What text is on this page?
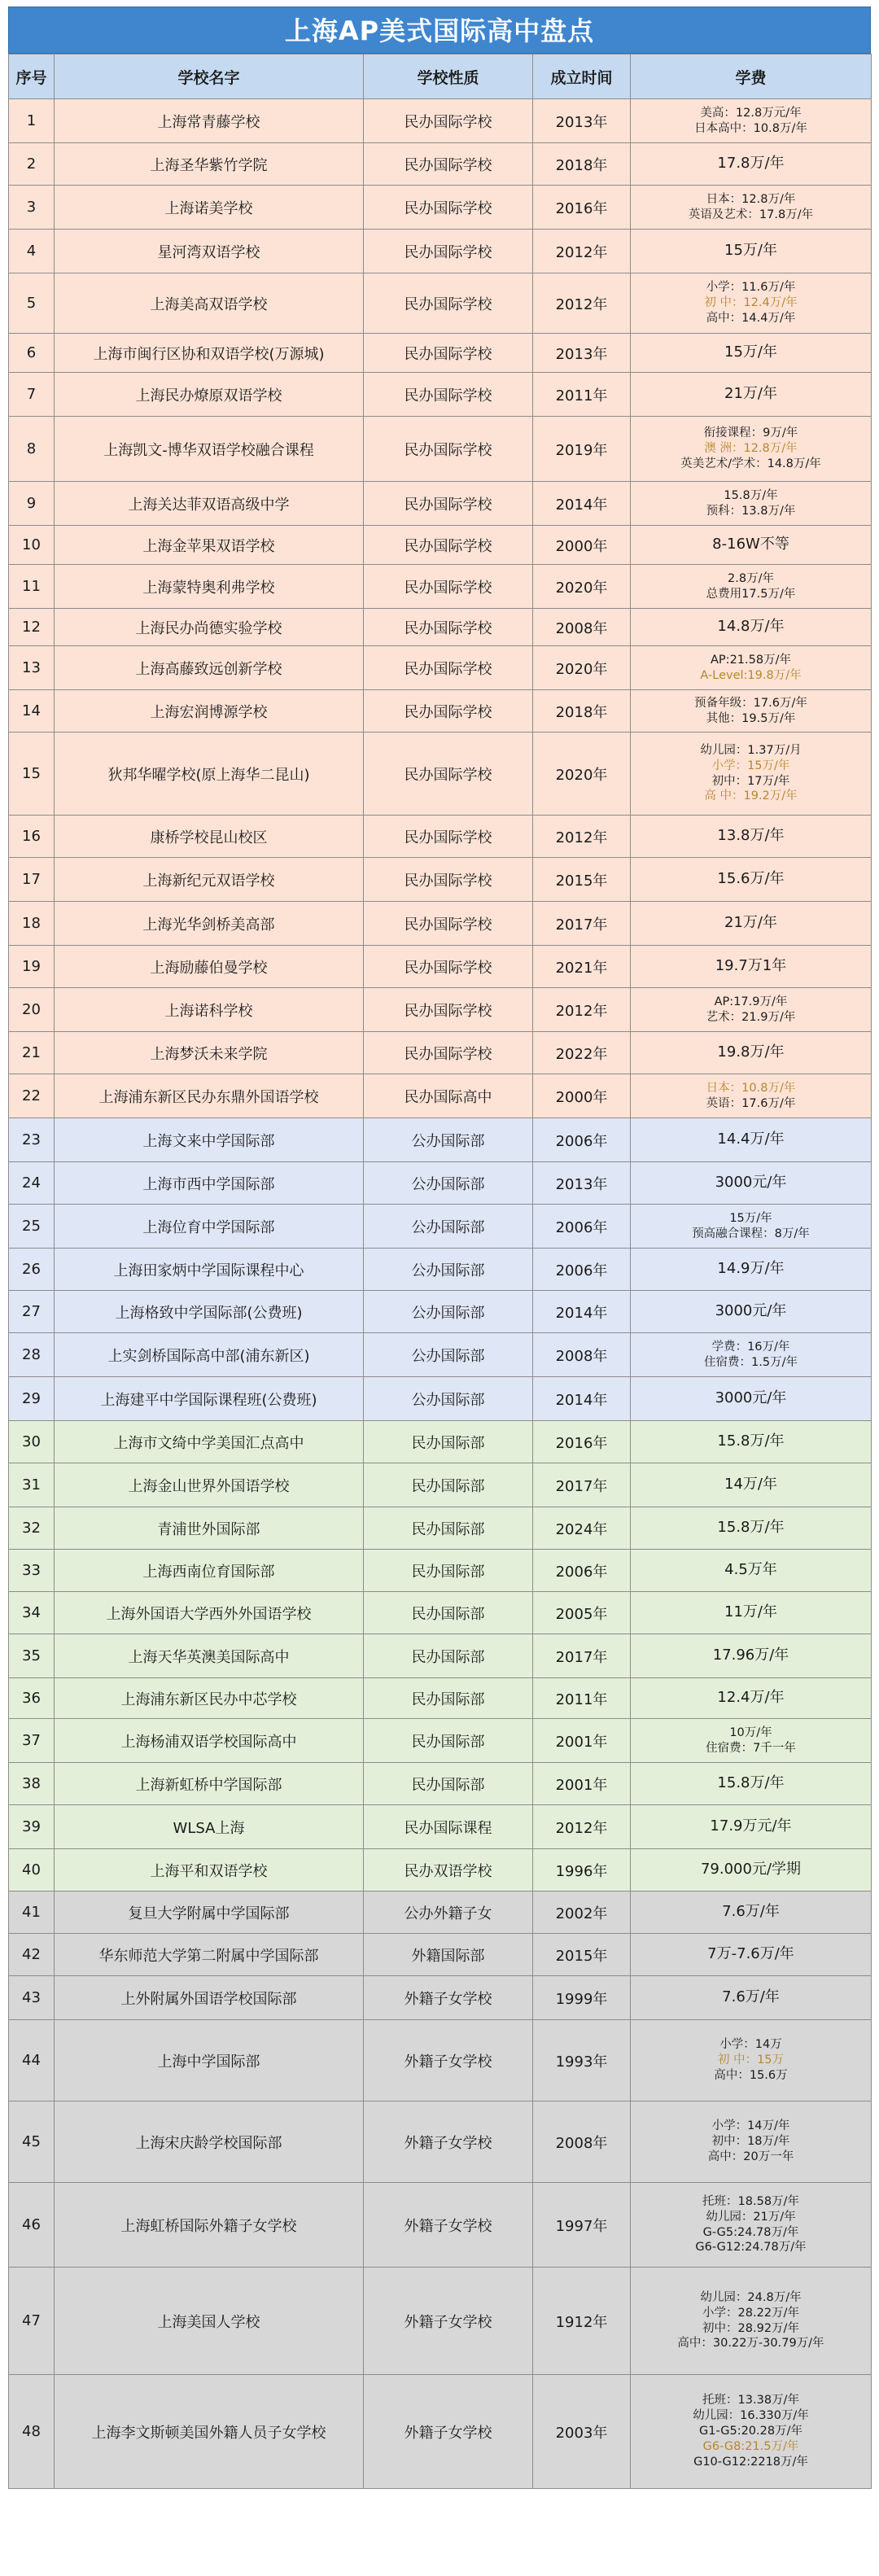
上海AP美式国际高中盘点
序号	学校名字	学校性质	成立时间	学费
1	上海常青藤学校	民办国际学校	2013年	美高：12.8万元/年
日本高中：10.8万/年

2	上海圣华紫竹学院	民办国际学校	2018年	17.8万/年

3	上海诺美学校	民办国际学校	2016年	日本：12.8万/年
英语及艺术：17.8万/年

4	星河湾双语学校	民办国际学校	2012年	15万/年

5	上海美高双语学校	民办国际学校	2012年	小学：11.6万/年
初 中：12.4万/年
高中：14.4万/年

6	上海市闽行区协和双语学校(万源城)	民办国际学校	2013年	15万/年

7	上海民办燎原双语学校	民办国际学校	2011年	21万/年

8	上海凯文-博华双语学校融合课程	民办国际学校	2019年	衔接课程：9万/年
澳 洲：12.8万/年
英美艺术/学术：14.8万/年

9	上海关达菲双语高级中学	民办国际学校	2014年	15.8万/年
预科：13.8万/年

10	上海金苹果双语学校	民办国际学校	2000年	8-16W不等

11	上海蒙特奥利弗学校	民办国际学校	2020年	2.8万/年
总费用17.5万/年

12	上海民办尚德实验学校	民办国际学校	2008年	14.8万/年

13	上海高藤致远创新学校	民办国际学校	2020年	AP:21.58万/年
A-Level:19.8万/年

14	上海宏润博源学校	民办国际学校	2018年	预备年级：17.6万/年
其他：19.5万/年

15	狄邦华曜学校(原上海华二昆山)	民办国际学校	2020年	幼儿园：1.37万/月
小学：15万/年
初中：17万/年
高 中：19.2万/年

16	康桥学校昆山校区	民办国际学校	2012年	13.8万/年

17	上海新纪元双语学校	民办国际学校	2015年	15.6万/年

18	上海光华剑桥美高部	民办国际学校	2017年	21万/年

19	上海励藤伯曼学校	民办国际学校	2021年	19.7万1年

20	上海诺科学校	民办国际学校	2012年	AP:17.9万/年
艺术：21.9万/年

21	上海梦沃未来学院	民办国际学校	2022年	19.8万/年

22	上海浦东新区民办东鼎外国语学校	民办国际高中	2000年	日本：10.8万/年
英语：17.6万/年

23	上海文来中学国际部	公办国际部	2006年	14.4万/年

24	上海市西中学国际部	公办国际部	2013年	3000元/年

25	上海位育中学国际部	公办国际部	2006年	15万/年
预高融合课程：8万/年

26	上海田家炳中学国际课程中心	公办国际部	2006年	14.9万/年

27	上海格致中学国际部(公费班)	公办国际部	2014年	3000元/年

28	上实剑桥国际高中部(浦东新区)	公办国际部	2008年	学费：16万/年
住宿费：1.5万/年

29	上海建平中学国际课程班(公费班)	公办国际部	2014年	3000元/年

30	上海市文绮中学美国汇点高中	民办国际部	2016年	15.8万/年

31	上海金山世界外国语学校	民办国际部	2017年	14万/年

32	青浦世外国际部	民办国际部	2024年	15.8万/年

33	上海西南位育国际部	民办国际部	2006年	4.5万年

34	上海外国语大学西外外国语学校	民办国际部	2005年	11万/年

35	上海天华英澳美国际高中	民办国际部	2017年	17.96万/年

36	上海浦东新区民办中芯学校	民办国际部	2011年	12.4万/年

37	上海杨浦双语学校国际高中	民办国际部	2001年	10万/年
住宿费：7千一年

38	上海新虹桥中学国际部	民办国际部	2001年	15.8万/年

39	WLSA上海	民办国际课程	2012年	17.9万元/年

40	上海平和双语学校	民办双语学校	1996年	79.000元/学期

41	复旦大学附属中学国际部	公办外籍子女	2002年	7.6万/年

42	华东师范大学第二附属中学国际部	外籍国际部	2015年	7万-7.6万/年

43	上外附属外国语学校国际部	外籍子女学校	1999年	7.6万/年

44	上海中学国际部	外籍子女学校	1993年	小学：14万
初 中：15万
高中：15.6万

45	上海宋庆龄学校国际部	外籍子女学校	2008年	小学：14万/年
初中：18万/年
高中：20万一年

46	上海虹桥国际外籍子女学校	外籍子女学校	1997年	托班：18.58万/年
幼儿园：21万/年
G-G5:24.78万/年
G6-G12:24.78万/年

47	上海美国人学校	外籍子女学校	1912年	幼儿园：24.8万/年
小学：28.22万/年
初中：28.92万/年
高中：30.22万-30.79万/年

48	上海李文斯顿美国外籍人员子女学校	外籍子女学校	2003年	托班：13.38万/年
幼儿园：16.330万/年
G1-G5:20.28万/年
G6-G8:21.5万/年
G10-G12:2218万/年
